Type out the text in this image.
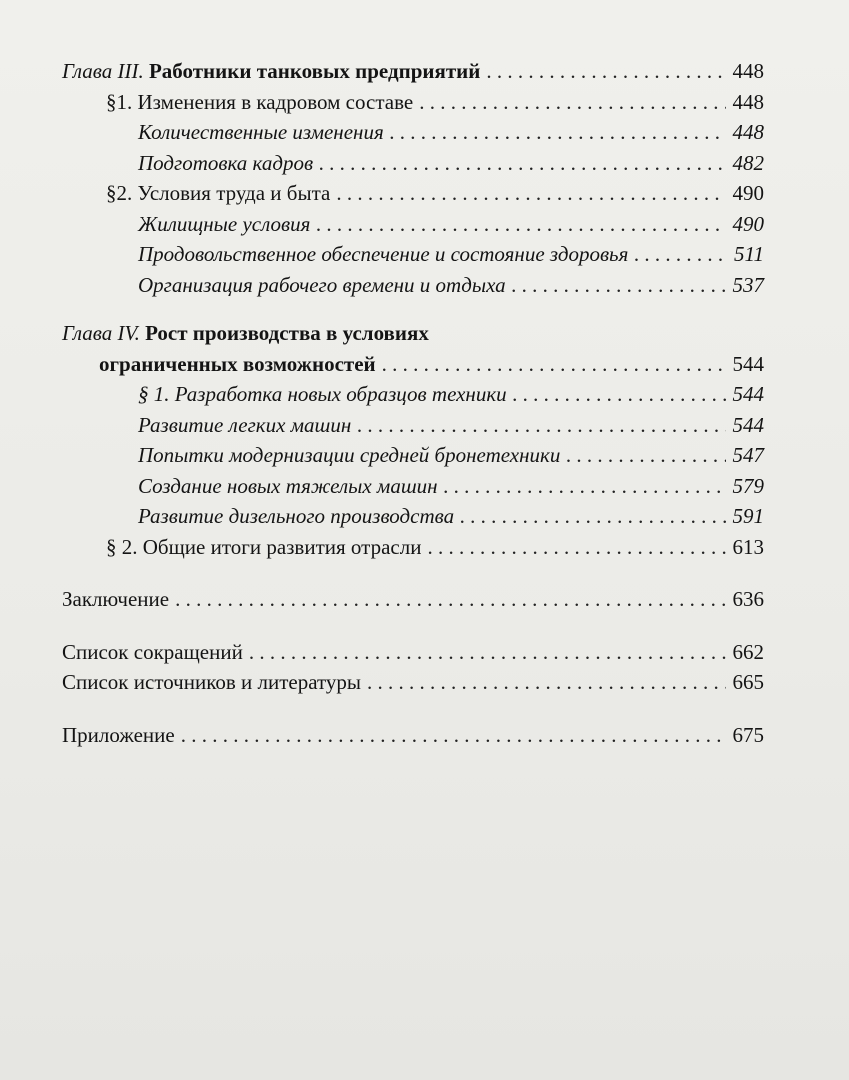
Глава III. Работники танковых предприятий . . .	448
§1. Изменения в кадровом составе . . .	448
Количественные изменения . . .	448
Подготовка кадров . . .	482
§2. Условия труда и быта . . .	490
Жилищные условия . . .	490
Продовольственное обеспечение и состояние здоровья . . .	511
Организация рабочего времени и отдыха . . .	537
Глава IV. Рост производства в условиях
ограниченных возможностей . . .	544
§ 1. Разработка новых образцов техники . . .	544
Развитие легких машин . . .	544
Попытки модернизации средней бронетехники . . .	547
Создание новых тяжелых машин . . .	579
Развитие дизельного производства . . .	591
§ 2. Общие итоги развития отрасли . . .	613
Заключение . . .	636
Список сокращений . . .	662
Список источников и литературы . . .	665
Приложение . . .	675
